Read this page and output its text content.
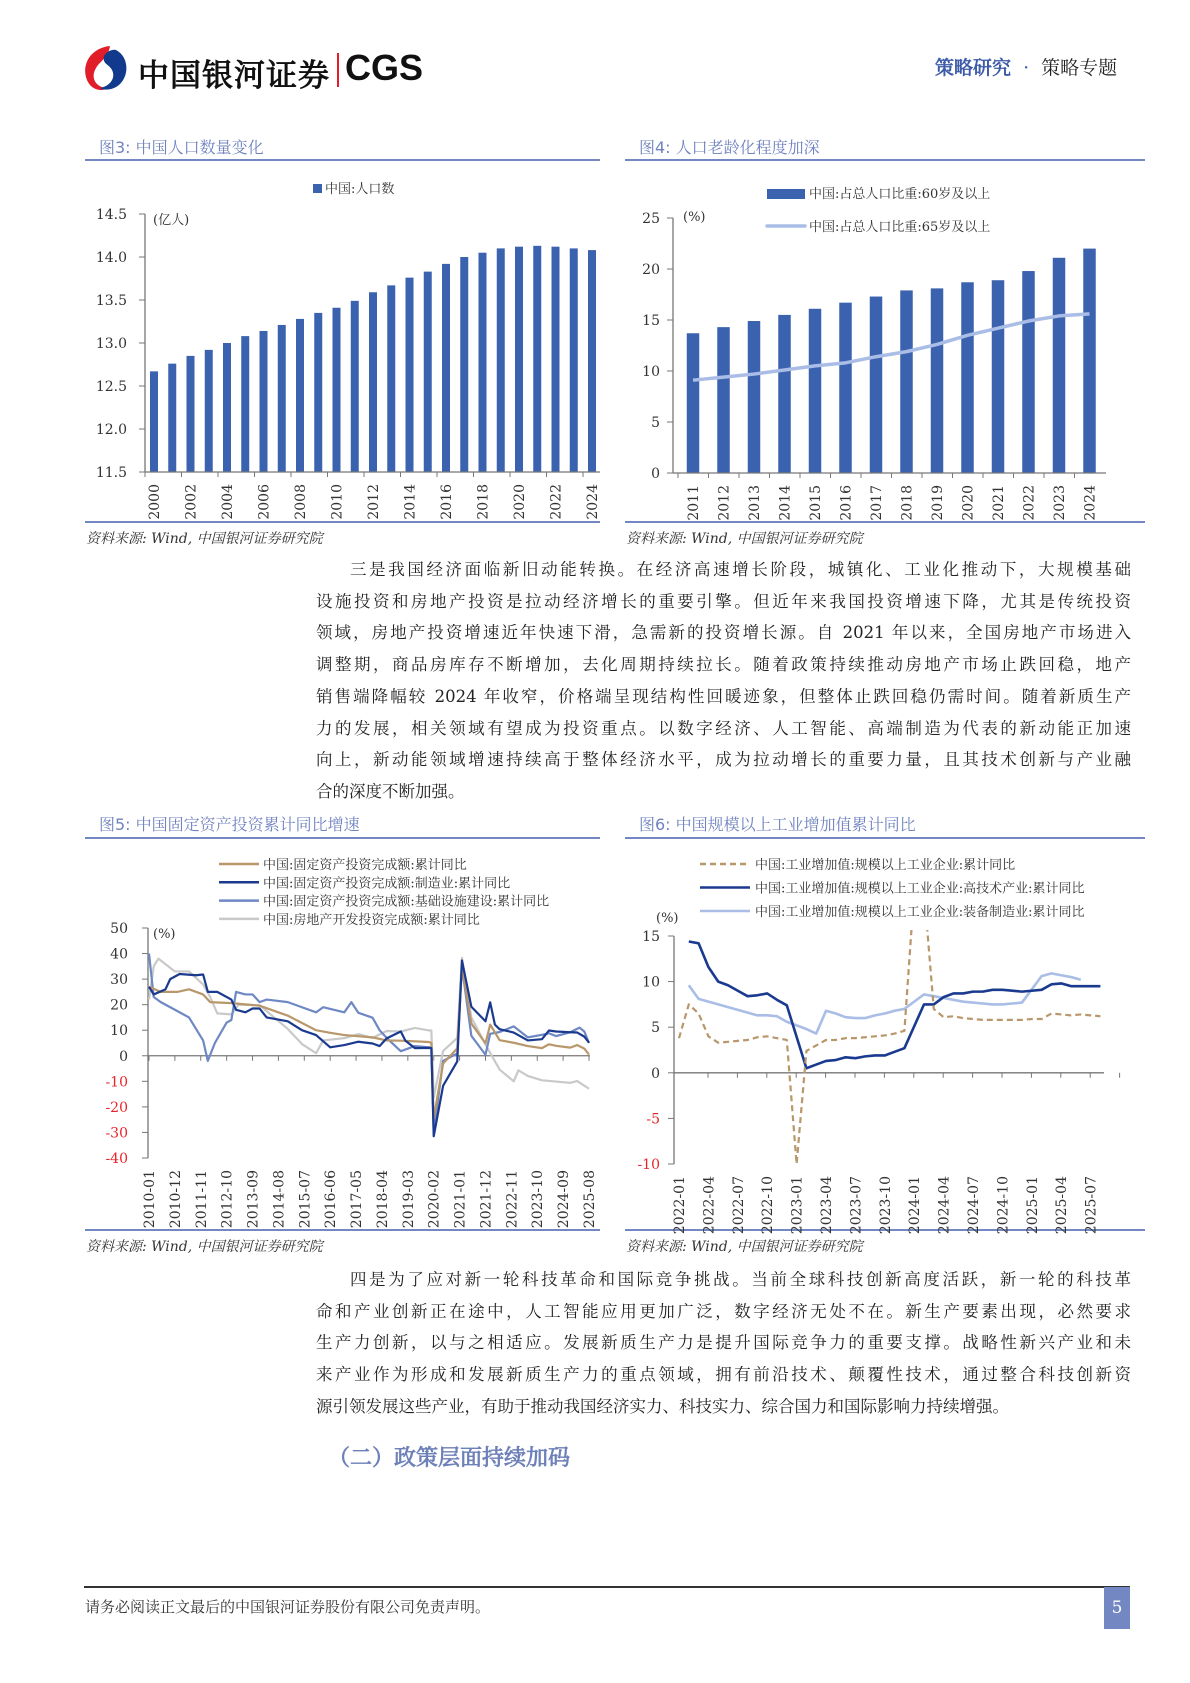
中国银河证券 CGS	策略研究 · 策略专题
图3: 中国人口数量变化
资料来源: Wind, 中国银河证券研究院
图4: 人口老龄化程度加深
资料来源: Wind, 中国银河证券研究院
三是我国经济面临新旧动能转换。在经济高速增长阶段，城镇化、工业化推动下，大规模基础
设施投资和房地产投资是拉动经济增长的重要引擎。但近年来我国投资增速下降，尤其是传统投资
领域，房地产投资增速近年快速下滑，急需新的投资增长源。自 2021 年以来，全国房地产市场进入
调整期，商品房库存不断增加，去化周期持续拉长。随着政策持续推动房地产市场止跌回稳，地产
销售端降幅较 2024 年收窄，价格端呈现结构性回暖迹象，但整体止跌回稳仍需时间。随着新质生产
力的发展，相关领域有望成为投资重点。以数字经济、人工智能、高端制造为代表的新动能正加速
向上，新动能领域增速持续高于整体经济水平，成为拉动增长的重要力量，且其技术创新与产业融
合的深度不断加强。
图5: 中国固定资产投资累计同比增速
资料来源: Wind, 中国银河证券研究院
图6: 中国规模以上工业增加值累计同比
资料来源: Wind, 中国银河证券研究院
四是为了应对新一轮科技革命和国际竞争挑战。当前全球科技创新高度活跃，新一轮的科技革
命和产业创新正在途中，人工智能应用更加广泛，数字经济无处不在。新生产要素出现，必然要求
生产力创新，以与之相适应。发展新质生产力是提升国际竞争力的重要支撑。战略性新兴产业和未
来产业作为形成和发展新质生产力的重点领域，拥有前沿技术、颠覆性技术，通过整合科技创新资
源引领发展这些产业，有助于推动我国经济实力、科技实力、综合国力和国际影响力持续增强。
（二）政策层面持续加码
请务必阅读正文最后的中国银河证券股份有限公司免责声明。	5
11.5
12.0
12.5
13.0
13.5
14.0
14.5
2000 2002 2004 2006 2008 2010 2012 2014 2016 2018 2020 2022 2024
(亿人)
中国:人口数
0
5
10
15
20
25
2011 2012 2013 2014 2015 2016 2017 2018 2019 2020 2021 2022 2023 2024
(%)
中国:占总人口比重:60岁及以上
中国:占总人口比重:65岁及以上
-40
-30
-20
-10
0
10
20
30
40
50
2010-01 2010-12 2011-11 2012-10 2013-09 2014-08 2015-07 2016-06 2017-05 2018-04 2019-03 2020-02 2021-01 2021-12 2022-11 2023-10 2024-09 2025-08
(%)
中国:固定资产投资完成额:累计同比
中国:固定资产投资完成额:制造业:累计同比
中国:固定资产投资完成额:基础设施建设:累计同比
中国:房地产开发投资完成额:累计同比
-10
-5
0
5
10
15
2022-01 2022-04 2022-07 2022-10 2023-01 2023-04 2023-07 2023-10 2024-01 2024-04 2024-07 2024-10 2025-01 2025-04 2025-07
(%)
中国:工业增加值:规模以上工业企业:累计同比
中国:工业增加值:规模以上工业企业:高技术产业:累计同比
中国:工业增加值:规模以上工业企业:装备制造业:累计同比
